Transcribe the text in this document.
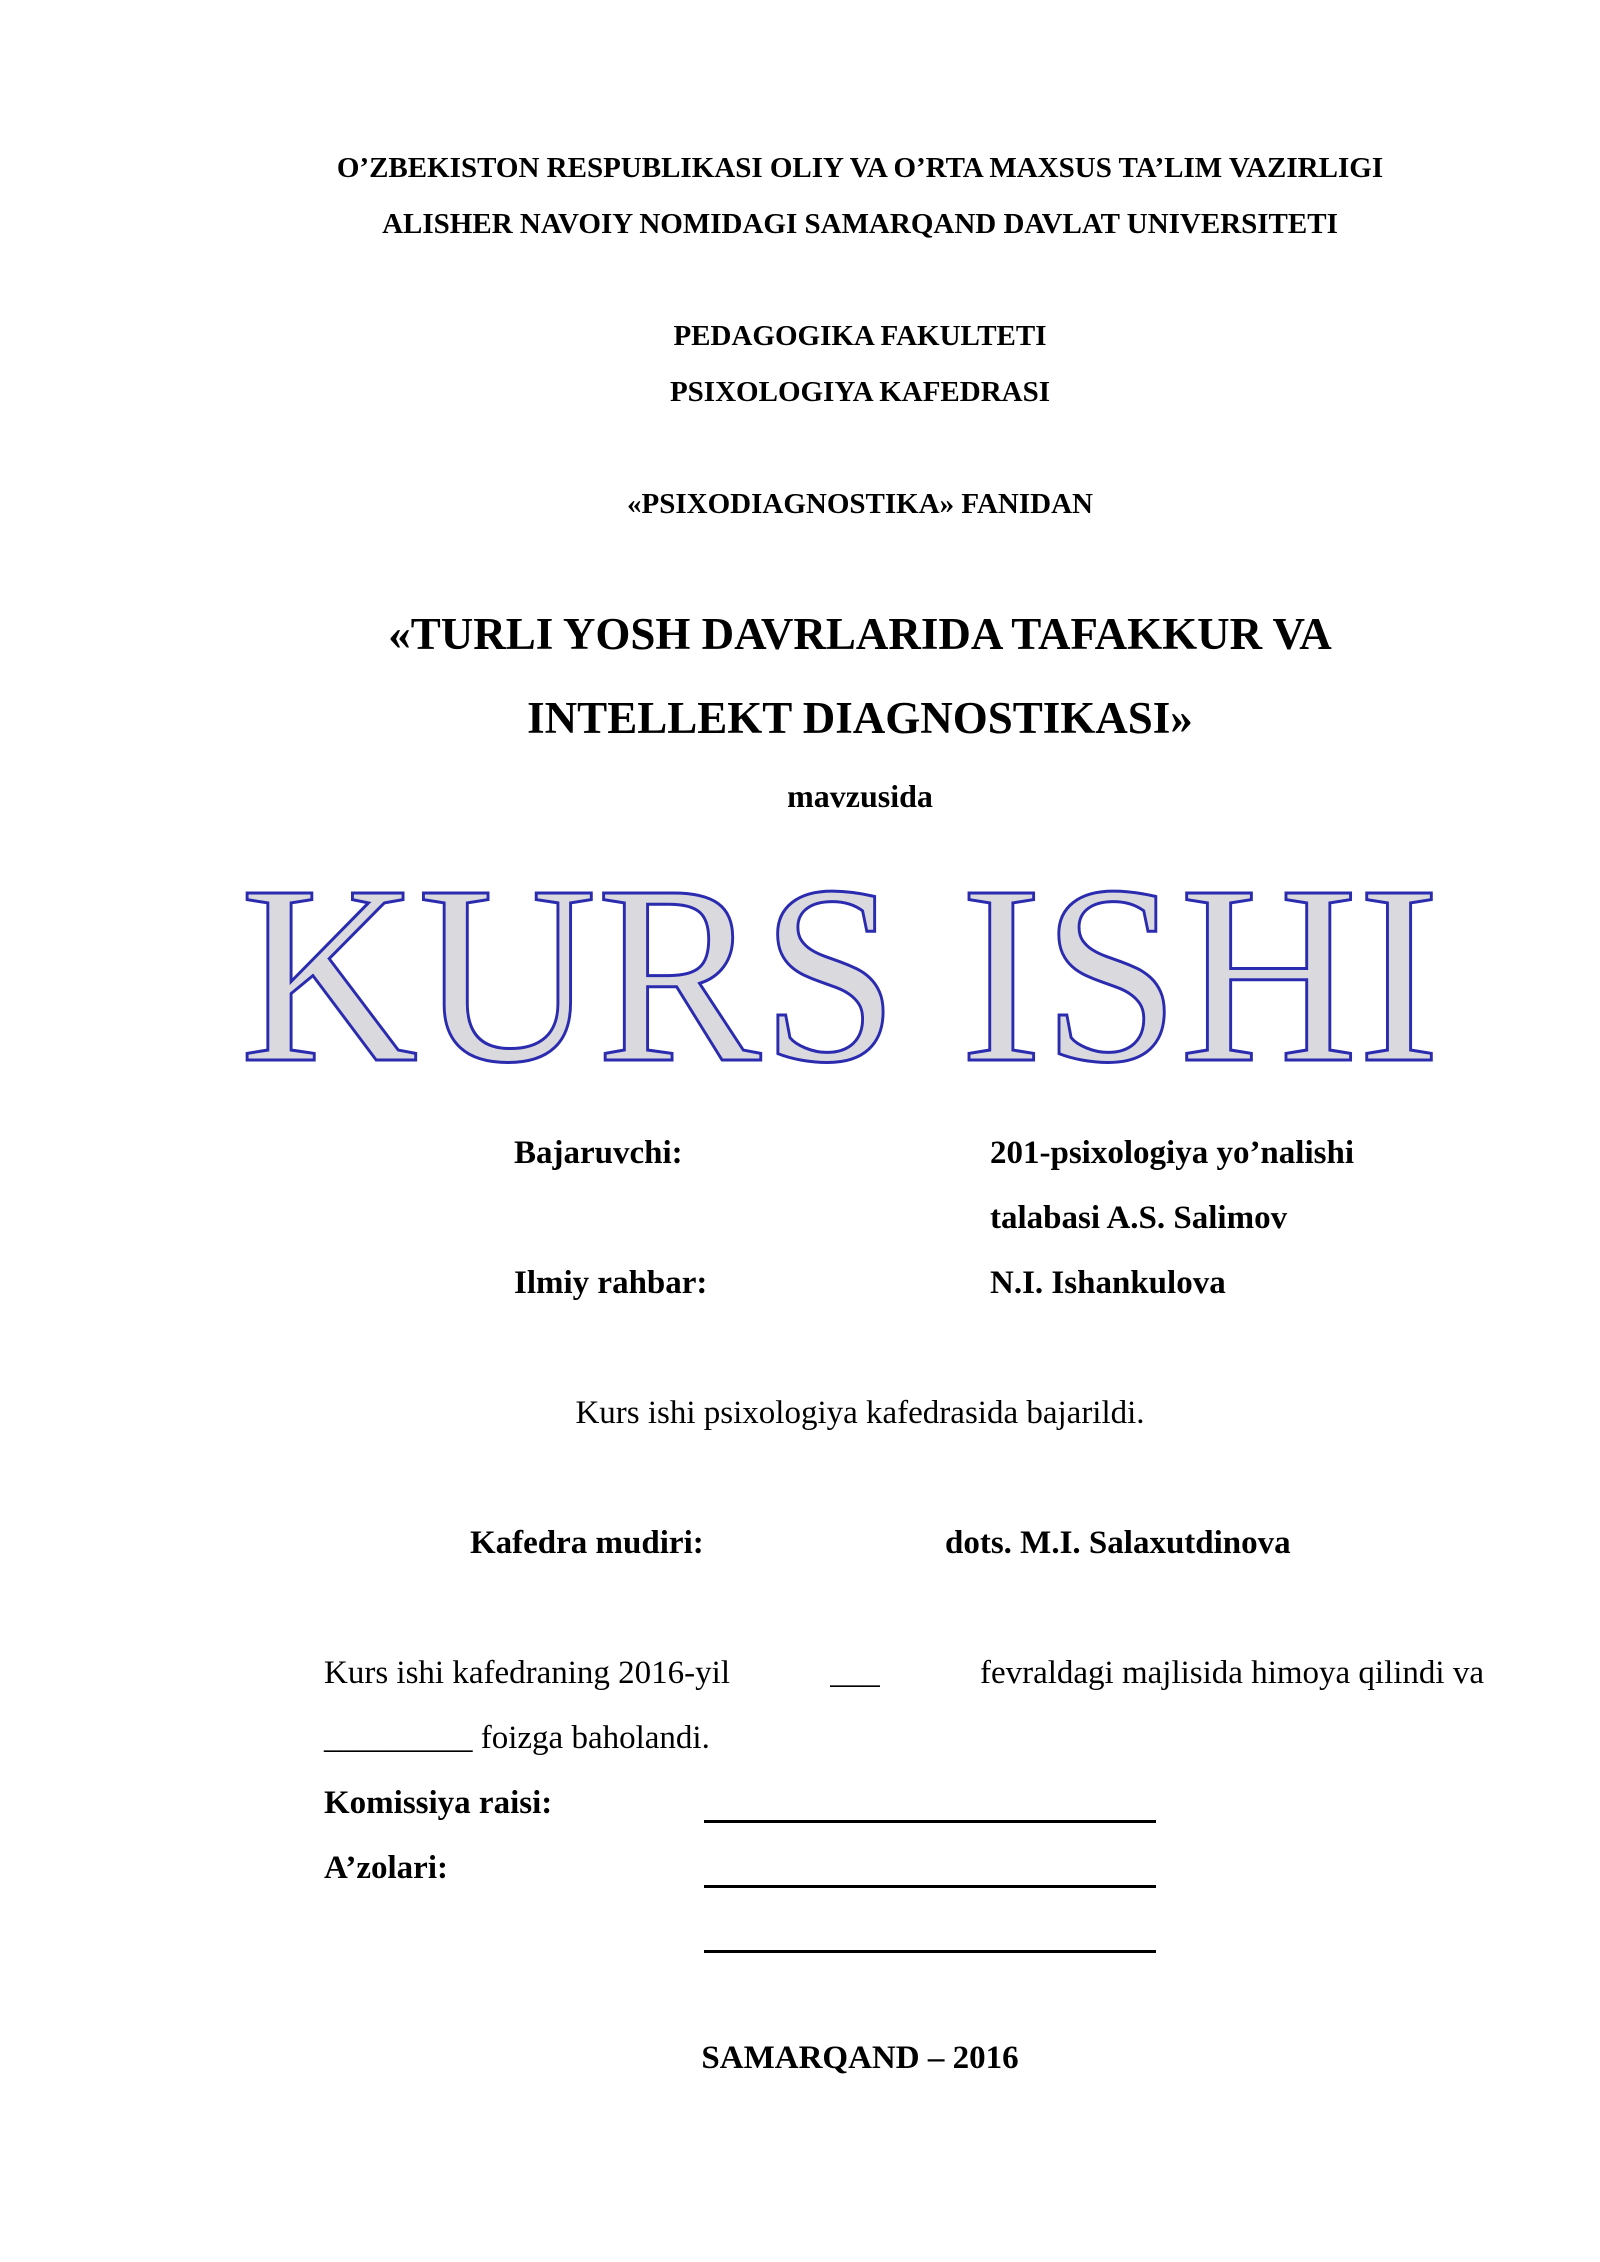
O’ZBEKISTON RESPUBLIKASI OLIY VA O’RTA MAXSUS TA’LIM VAZIRLIGI
ALISHER NAVOIY NOMIDAGI SAMARQAND DAVLAT UNIVERSITETI
PEDAGOGIKA FAKULTETI
PSIXOLOGIYA KAFEDRASI
«PSIXODIAGNOSTIKA» FANIDAN
«TURLI YOSH DAVRLARIDA TAFAKKUR VA
INTELLEKT DIAGNOSTIKASI»
mavzusida
KURS ISHI
Bajaruvchi:	201-psixologiya yo’nalishi
talabasi A.S. Salimov
Ilmiy rahbar:	N.I. Ishankulova
Kurs ishi psixologiya kafedrasida bajarildi.
Kafedra mudiri:	dots. M.I. Salaxutdinova
Kurs ishi kafedraning 2016-yil	___	fevraldagi majlisida himoya qilindi va
_________ foizga baholandi.
Komissiya raisi:
A’zolari:
SAMARQAND – 2016
